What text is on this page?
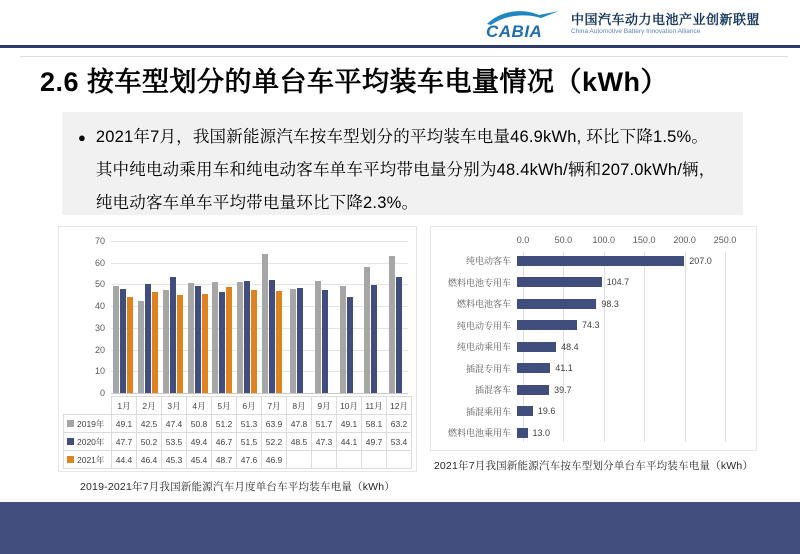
CABIA
中国汽车动力电池产业创新联盟
China Automotive Battery Innovation Alliance
2.6 按车型划分的单台车平均装车电量情况（kWh）
● 2021年7月，我国新能源汽车按车型划分的平均装车电量46.9kWh, 环比下降1.5%。其中纯电动乘用车和纯电动客车单车平均带电量分别为48.4kWh/辆和207.0kWh/辆，纯电动客车单车平均带电量环比下降2.3%。
0
10
20
30
40
50
60
70
	1月	2月	3月	4月	5月	6月	7月	8月	9月	10月	11月	12月
2019年	49.1	42.5	47.4	50.8	51.2	51.3	63.9	47.8	51.7	49.1	58.1	63.2
2020年	47.7	50.2	53.5	49.4	46.7	51.5	52.2	48.5	47.3	44.1	49.7	53.4
2021年	44.4	46.4	45.3	45.4	48.7	47.6	46.9					
2019-2021年7月我国新能源汽车月度单台车平均装车电量（kWh）
0.0	50.0 100.0 150.0 200.0 250.0
纯电动客车	207.0
燃料电池专用车	104.7
燃料电池客车	98.3
纯电动专用车	74.3
纯电动乘用车	48.4
插混专用车	41.1
插混客车	39.7
插混乘用车	19.6
燃料电池乘用车	13.0
2021年7月我国新能源汽车按车型划分单台车平均装车电量（kWh）
